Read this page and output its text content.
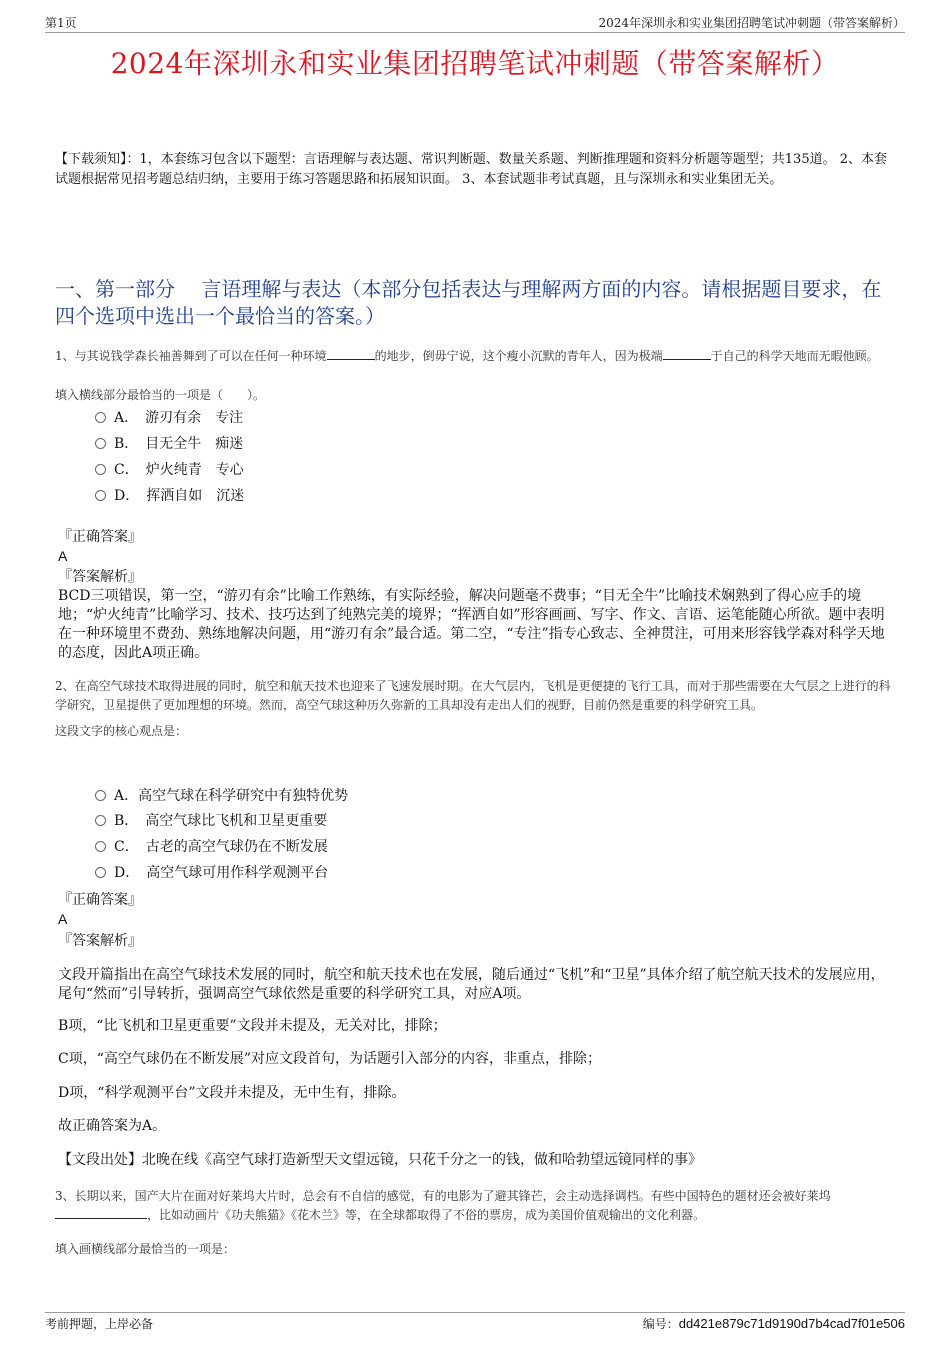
第1页	2024年深圳永和实业集团招聘笔试冲刺题（带答案解析）
2024年深圳永和实业集团招聘笔试冲刺题（带答案解析）
【下载须知】：1，本套练习包含以下题型：言语理解与表达题、常识判断题、数量关系题、判断推理题和资料分析题等题型；共135道。 2、本套试题根据常见招考题总结归纳，主要用于练习答题思路和拓展知识面。 3、本套试题非考试真题，且与深圳永和实业集团无关。
一、第一部分　 言语理解与表达（本部分包括表达与理解两方面的内容。请根据题目要求，在四个选项中选出一个最恰当的答案。）
1、与其说钱学森长袖善舞到了可以在任何一种环境	的地步，倒毋宁说，这个瘦小沉默的青年人，因为极端	于自己的科学天地而无暇他顾。
填入横线部分最恰当的一项是（　　）。
A．　游刃有余　专注
B．　目无全牛　痴迷
C．　炉火纯青　专心
D．　挥洒自如　沉迷
『正确答案』
A
『答案解析』
BCD三项错误，第一空，“游刃有余”比喻工作熟练，有实际经验，解决问题毫不费事；“目无全牛”比喻技术娴熟到了得心应手的境地；“炉火纯青”比喻学习、技术、技巧达到了纯熟完美的境界；“挥洒自如”形容画画、写字、作文、言语、运笔能随心所欲。题中表明在一种环境里不费劲、熟练地解决问题，用“游刃有余”最合适。第二空，“专注”指专心致志、全神贯注，可用来形容钱学森对科学天地的态度，因此A项正确。
2、在高空气球技术取得进展的同时，航空和航天技术也迎来了飞速发展时期。在大气层内，飞机是更便捷的飞行工具，而对于那些需要在大气层之上进行的科学研究，卫星提供了更加理想的环境。然而，高空气球这种历久弥新的工具却没有走出人们的视野，目前仍然是重要的科学研究工具。
这段文字的核心观点是：
A．高空气球在科学研究中有独特优势
B．　高空气球比飞机和卫星更重要
C．　古老的高空气球仍在不断发展
D．　高空气球可用作科学观测平台
『正确答案』
A
『答案解析』
文段开篇指出在高空气球技术发展的同时，航空和航天技术也在发展，随后通过“飞机”和“卫星”具体介绍了航空航天技术的发展应用，尾句“然而”引导转折，强调高空气球依然是重要的科学研究工具，对应A项。
B项，“比飞机和卫星更重要”文段并未提及，无关对比，排除；
C项，“高空气球仍在不断发展”对应文段首句，为话题引入部分的内容，非重点，排除；
D项，“科学观测平台”文段并未提及，无中生有，排除。
故正确答案为A。
【文段出处】北晚在线《高空气球打造新型天文望远镜，只花千分之一的钱，做和哈勃望远镜同样的事》
3、长期以来，国产大片在面对好莱坞大片时，总会有不自信的感觉，有的电影为了避其锋芒，会主动选择调档。有些中国特色的题材还会被好莱坞，比如动画片《功夫熊猫》《花木兰》等，在全球都取得了不俗的票房，成为美国价值观输出的文化利器。
填入画横线部分最恰当的一项是：
考前押题，上岸必备	编号：dd421e879c71d9190d7b4cad7f01e506
